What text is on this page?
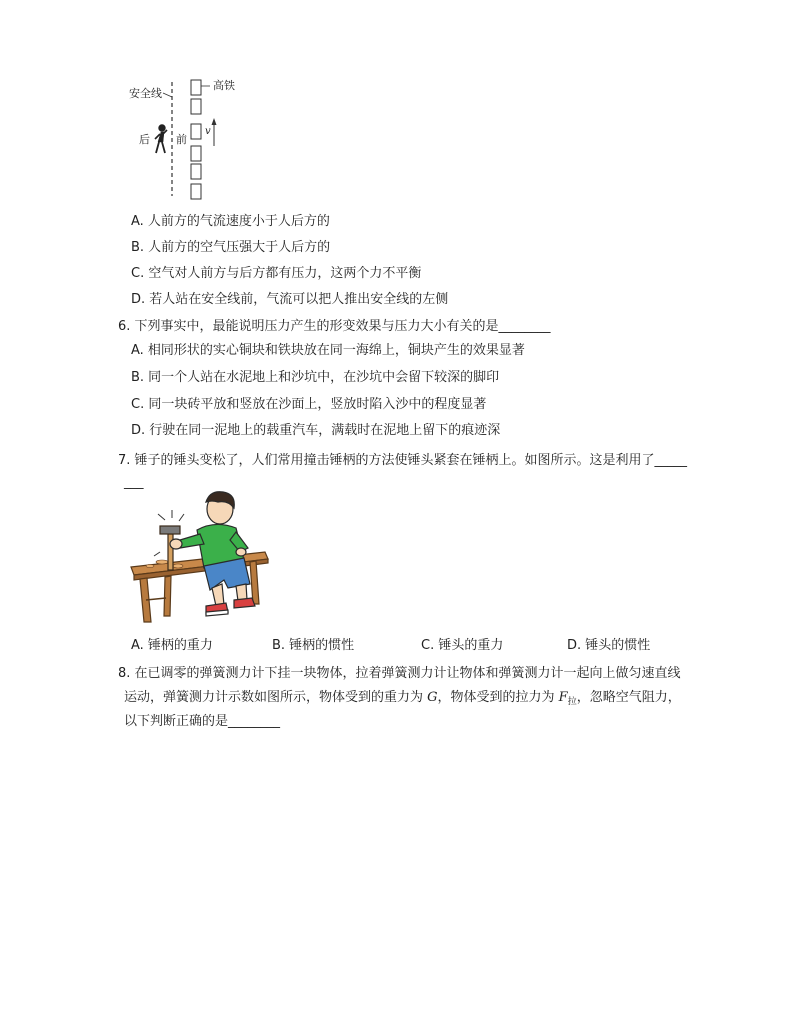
高铁
安全线
后 前
v
A. 人前方的气流速度小于人后方的
B. 人前方的空气压强大于人后方的
C. 空气对人前方与后方都有压力，这两个力不平衡
D. 若人站在安全线前，气流可以把人推出安全线的左侧
6. 下列事实中，最能说明压力产生的形变效果与压力大小有关的是________
A. 相同形状的实心铜块和铁块放在同一海绵上，铜块产生的效果显著
B. 同一个人站在水泥地上和沙坑中，在沙坑中会留下较深的脚印
C. 同一块砖平放和竖放在沙面上，竖放时陷入沙中的程度显著
D. 行驶在同一泥地上的载重汽车，满载时在泥地上留下的痕迹深
7. 锤子的锤头变松了，人们常用撞击锤柄的方法使锤头紧套在锤柄上。如图所示。这是利用了_____
___
A. 锤柄的重力	B. 锤柄的惯性	C. 锤头的重力	D. 锤头的惯性
8. 在已调零的弹簧测力计下挂一块物体，拉着弹簧测力计让物体和弹簧测力计一起向上做匀速直线
运动，弹簧测力计示数如图所示，物体受到的重力为 G，物体受到的拉力为 $F_拉$，忽略空气阻力，
以下判断正确的是________
